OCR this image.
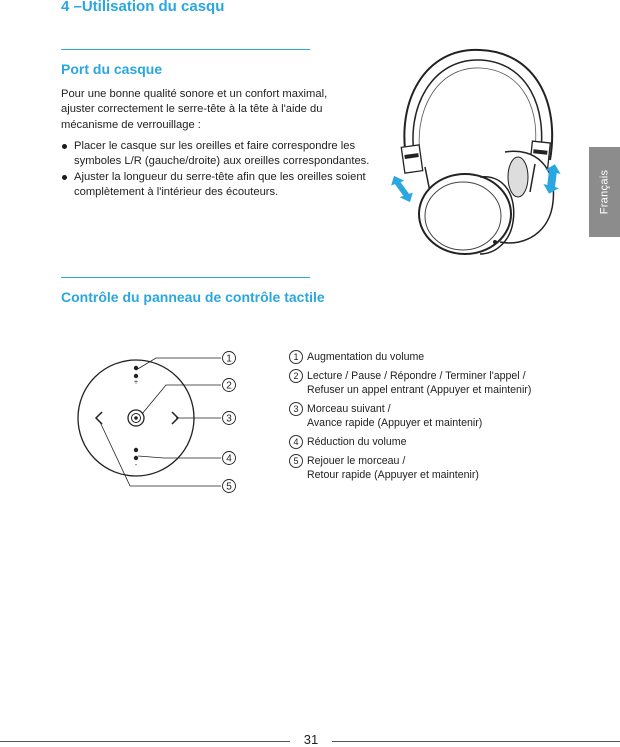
4 –Utilisation du casqu
Port du casque
Pour une bonne qualité sonore et un confort maximal, ajuster correctement le serre-tête à la tête à l'aide du mécanisme de verrouillage :
Placer le casque sur les oreilles et faire correspondre les symboles L/R (gauche/droite) aux oreilles correspondantes.
Ajuster la longueur du serre-tête afin que les oreilles soient complètement à l'intérieur des écouteurs.	Français
Contrôle du panneau de contrôle tactile
+
-
1
2
3
4
5
1 Augmentation du volume
2 Lecture / Pause / Répondre / Terminer l'appel /
Refuser un appel entrant (Appuyer et maintenir)
3 Morceau suivant /
Avance rapide (Appuyer et maintenir)
4 Réduction du volume
5 Rejouer le morceau /
Retour rapide (Appuyer et maintenir)
31
